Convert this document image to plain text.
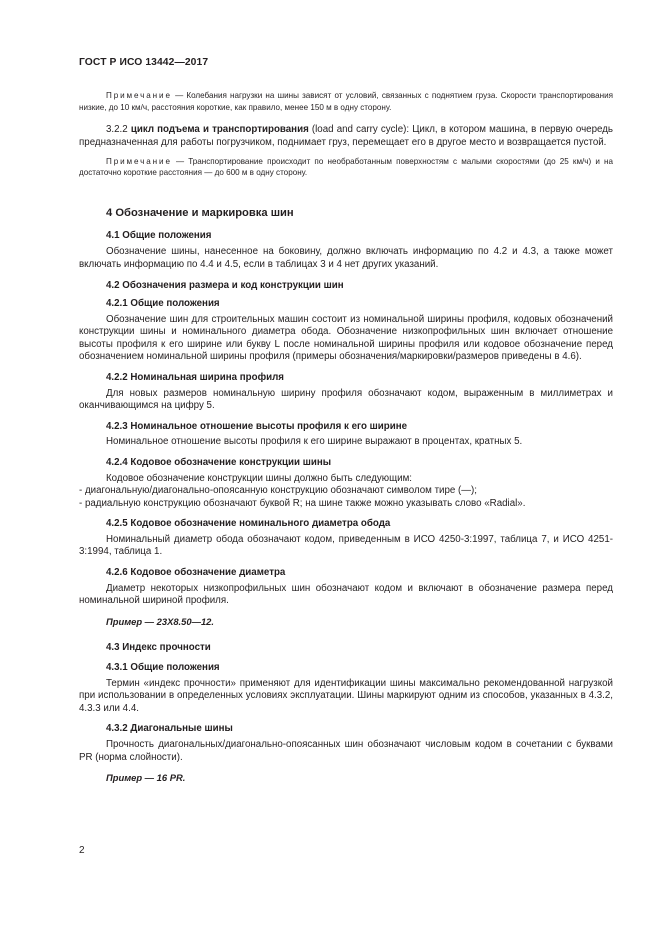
ГОСТ Р ИСО 13442—2017

Примечание — Колебания нагрузки на шины зависят от условий, связанных с поднятием груза. Скорости транспортирования низкие, до 10 км/ч, расстояния короткие, как правило, менее 150 м в одну сторону.

3.2.2 цикл подъема и транспортирования (load and carry cycle): Цикл, в котором машина, в первую очередь предназначенная для работы погрузчиком, поднимает груз, перемещает его в другое место и возвращается пустой.

Примечание — Транспортирование происходит по необработанным поверхностям с малыми скоростями (до 25 км/ч) и на достаточно короткие расстояния — до 600 м в одну сторону.

4 Обозначение и маркировка шин

4.1 Общие положения

Обозначение шины, нанесенное на боковину, должно включать информацию по 4.2 и 4.3, а также может включать информацию по 4.4 и 4.5, если в таблицах 3 и 4 нет других указаний.

4.2 Обозначения размера и код конструкции шин

4.2.1 Общие положения

Обозначение шин для строительных машин состоит из номинальной ширины профиля, кодовых обозначений конструкции шины и номинального диаметра обода. Обозначение низкопрофильных шин включает отношение высоты профиля к его ширине или букву L после номинальной ширины профиля или кодовое обозначение перед обозначением номинальной ширины профиля (примеры обозначения/маркировки/размеров приведены в 4.6).

4.2.2 Номинальная ширина профиля

Для новых размеров номинальную ширину профиля обозначают кодом, выраженным в миллиметрах и оканчивающимся на цифру 5.

4.2.3 Номинальное отношение высоты профиля к его ширине

Номинальное отношение высоты профиля к его ширине выражают в процентах, кратных 5.

4.2.4 Кодовое обозначение конструкции шины

Кодовое обозначение конструкции шины должно быть следующим:

- диагональную/диагонально-опоясанную конструкцию обозначают символом тире (—);

- радиальную конструкцию обозначают буквой R; на шине также можно указывать слово «Radial».

4.2.5 Кодовое обозначение номинального диаметра обода

Номинальный диаметр обода обозначают кодом, приведенным в ИСО 4250-3:1997, таблица 7, и ИСО 4251-3:1994, таблица 1.

4.2.6 Кодовое обозначение диаметра

Диаметр некоторых низкопрофильных шин обозначают кодом и включают в обозначение размера перед номинальной шириной профиля.

Пример — 23X8.50—12.

4.3 Индекс прочности

4.3.1 Общие положения

Термин «индекс прочности» применяют для идентификации шины максимально рекомендованной нагрузкой при использовании в определенных условиях эксплуатации. Шины маркируют одним из способов, указанных в 4.3.2, 4.3.3 или 4.4.

4.3.2 Диагональные шины

Прочность диагональных/диагонально-опоясанных шин обозначают числовым кодом в сочетании с буквами PR (норма слойности).

Пример — 16 PR.

2
